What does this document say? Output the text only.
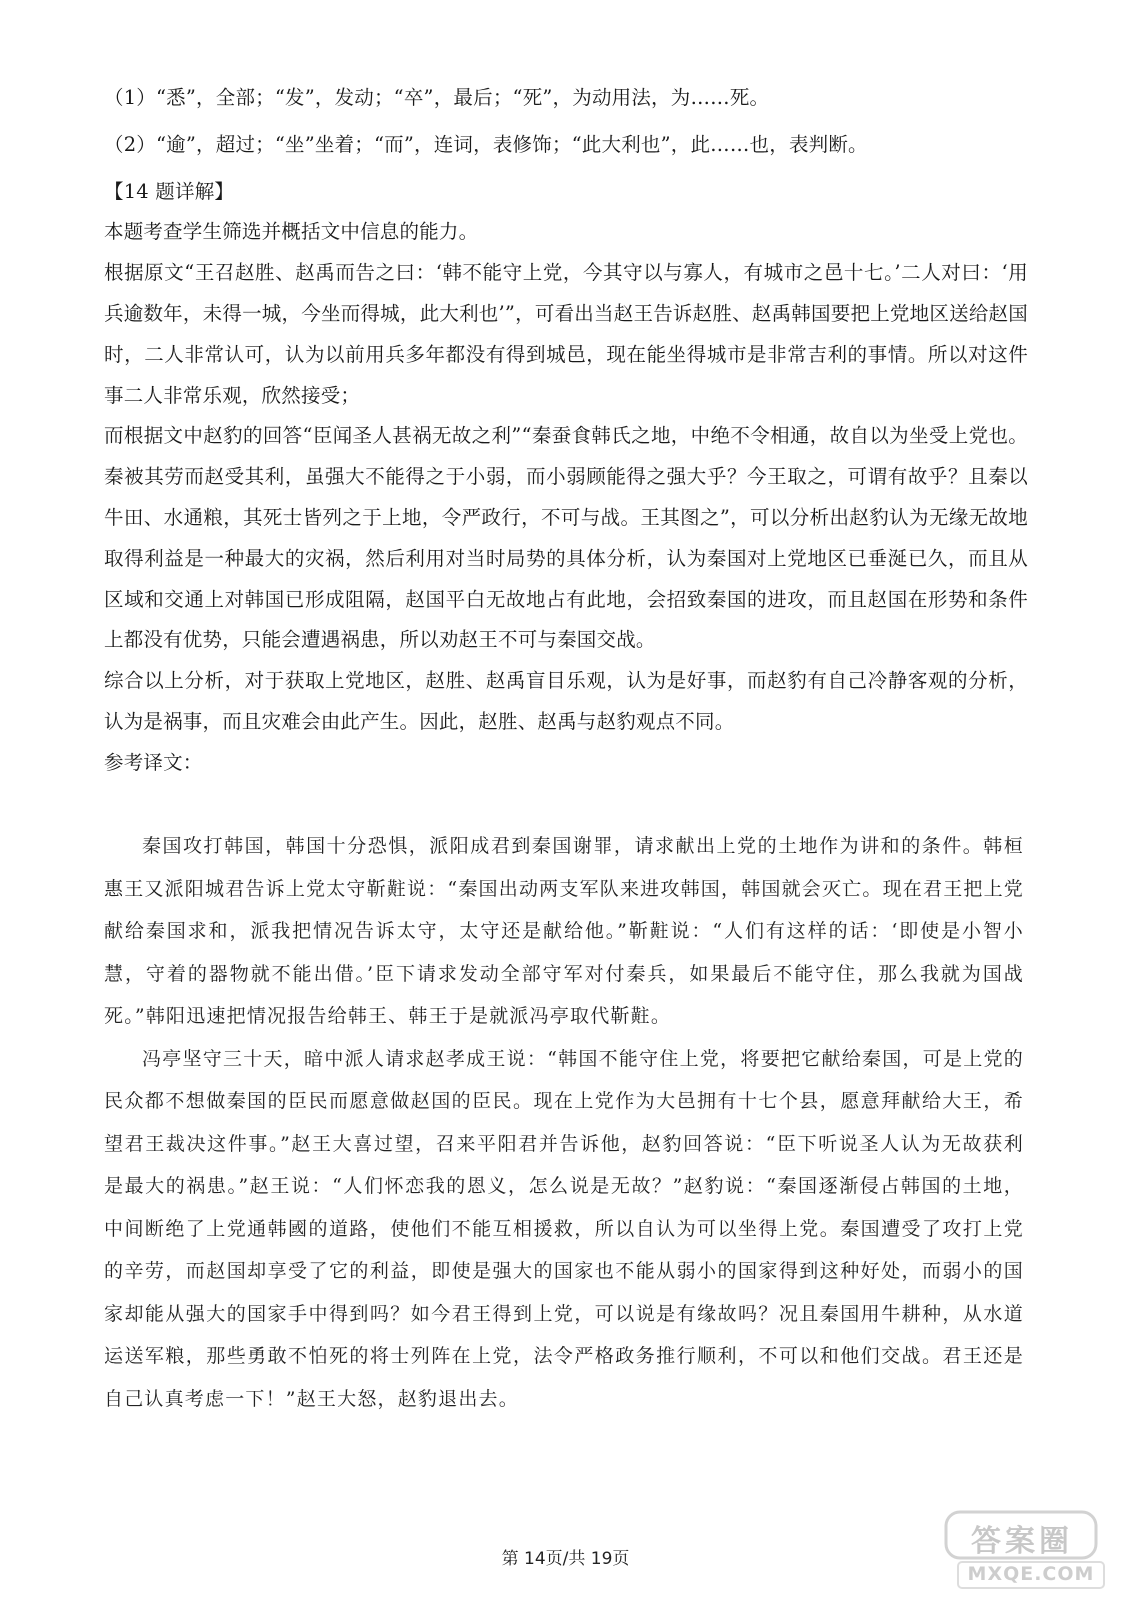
（1）“悉”，全部；“发”，发动；“卒”，最后；“死”，为动用法，为……死。

（2）“逾”，超过；“坐”坐着；“而”，连词，表修饰；“此大利也”，此……也，表判断。

【14 题详解】

本题考查学生筛选并概括文中信息的能力。

根据原文“王召赵胜、赵禹而告之曰：‘韩不能守上党，今其守以与寡人，有城市之邑十七。’二人对曰：‘用兵逾数年，未得一城，今坐而得城，此大利也’”，可看出当赵王告诉赵胜、赵禹韩国要把上党地区送给赵国时，二人非常认可，认为以前用兵多年都没有得到城邑，现在能坐得城市是非常吉利的事情。所以对这件事二人非常乐观，欣然接受；

而根据文中赵豹的回答“臣闻圣人甚祸无故之利”“秦蚕食韩氏之地，中绝不令相通，故自以为坐受上党也。秦被其劳而赵受其利，虽强大不能得之于小弱，而小弱顾能得之强大乎？今王取之，可谓有故乎？且秦以牛田、水通粮，其死士皆列之于上地，令严政行，不可与战。王其图之”，可以分析出赵豹认为无缘无故地取得利益是一种最大的灾祸，然后利用对当时局势的具体分析，认为秦国对上党地区已垂涎已久，而且从区域和交通上对韩国已形成阻隔，赵国平白无故地占有此地，会招致秦国的进攻，而且赵国在形势和条件上都没有优势，只能会遭遇祸患，所以劝赵王不可与秦国交战。

综合以上分析，对于获取上党地区，赵胜、赵禹盲目乐观，认为是好事，而赵豹有自己冷静客观的分析，认为是祸事，而且灾难会由此产生。因此，赵胜、赵禹与赵豹观点不同。

参考译文：

秦国攻打韩国，韩国十分恐惧，派阳成君到秦国谢罪，请求献出上党的土地作为讲和的条件。韩桓惠王又派阳城君告诉上党太守靳黈说：“秦国出动两支军队来进攻韩国，韩国就会灭亡。现在君王把上党献给秦国求和，派我把情况告诉太守，太守还是献给他。”靳黈说：“人们有这样的话：‘即使是小智小慧，守着的器物就不能出借。’臣下请求发动全部守军对付秦兵，如果最后不能守住，那么我就为国战死。”韩阳迅速把情况报告给韩王、韩王于是就派冯亭取代靳黈。

冯亭坚守三十天，暗中派人请求赵孝成王说：“韩国不能守住上党，将要把它献给秦国，可是上党的民众都不想做秦国的臣民而愿意做赵国的臣民。现在上党作为大邑拥有十七个县，愿意拜献给大王，希望君王裁决这件事。”赵王大喜过望，召来平阳君并告诉他，赵豹回答说：“臣下听说圣人认为无故获利是最大的祸患。”赵王说：“人们怀恋我的恩义，怎么说是无故？”赵豹说：“秦国逐渐侵占韩国的土地，中间断绝了上党通韩國的道路，使他们不能互相援救，所以自认为可以坐得上党。秦国遭受了攻打上党的辛劳，而赵国却享受了它的利益，即使是强大的国家也不能从弱小的国家得到这种好处，而弱小的国家却能从强大的国家手中得到吗？如今君王得到上党，可以说是有缘故吗？况且秦国用牛耕种，从水道运送军粮，那些勇敢不怕死的将士列阵在上党，法令严格政务推行顺利，不可以和他们交战。君王还是自己认真考虑一下！”赵王大怒，赵豹退出去。

答案圈
MXQE.COM
第 14页/共 19页
